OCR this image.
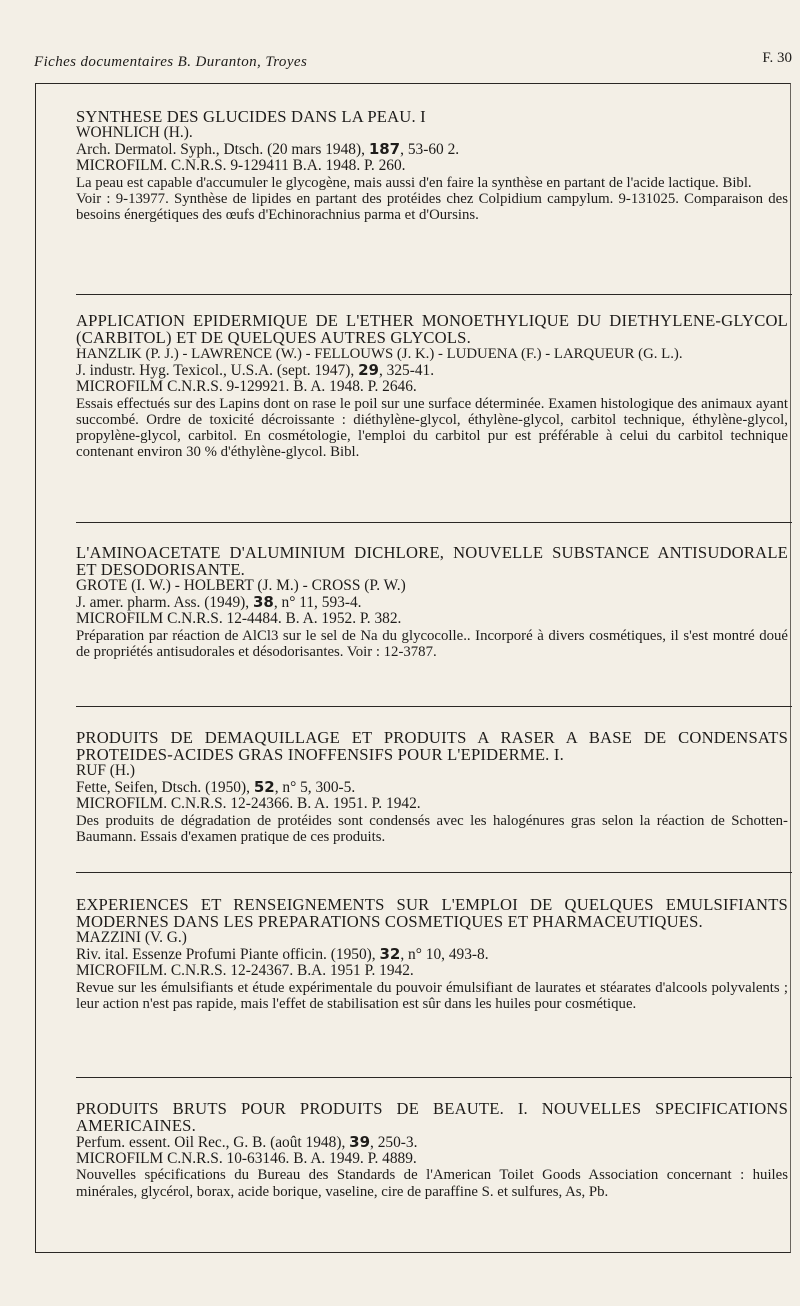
Fiches documentaires B. Duranton, Troyes	F. 30
SYNTHESE DES GLUCIDES DANS LA PEAU. I
WOHNLICH (H.).
Arch. Dermatol. Syph., Dtsch. (20 mars 1948), 187, 53-60 2.
MICROFILM. C.N.R.S. 9-129411 B.A. 1948. P. 260.
La peau est capable d'accumuler le glycogène, mais aussi d'en faire la synthèse en partant de l'acide lactique. Bibl.
Voir : 9-13977. Synthèse de lipides en partant des protéides chez Colpidium campylum. 9-131025. Comparaison des besoins énergétiques des œufs d'Echinorachnius parma et d'Oursins.
APPLICATION EPIDERMIQUE DE L'ETHER MONOETHYLIQUE DU DIETHYLENE-GLYCOL (CARBITOL) ET DE QUELQUES AUTRES GLYCOLS.
HANZLIK (P. J.) - LAWRENCE (W.) - FELLOUWS (J. K.) - LUDUENA (F.) - LARQUEUR (G. L.).
J. industr. Hyg. Texicol., U.S.A. (sept. 1947), 29, 325-41.
MICROFILM C.N.R.S. 9-129921. B. A. 1948. P. 2646.
Essais effectués sur des Lapins dont on rase le poil sur une surface déterminée. Examen histologique des animaux ayant succombé. Ordre de toxicité décroissante : diéthylène-glycol, éthylène-glycol, carbitol technique, éthylène-glycol, propylène-glycol, carbitol. En cosmétologie, l'emploi du carbitol pur est préférable à celui du carbitol technique contenant environ 30 % d'éthylène-glycol. Bibl.
L'AMINOACETATE D'ALUMINIUM DICHLORE, NOUVELLE SUBSTANCE ANTISUDORALE ET DESODORISANTE.
GROTE (I. W.) - HOLBERT (J. M.) - CROSS (P. W.)
J. amer. pharm. Ass. (1949), 38, n° 11, 593-4.
MICROFILM C.N.R.S. 12-4484. B. A. 1952. P. 382.
Préparation par réaction de AlCl3 sur le sel de Na du glycocolle.. Incorporé à divers cosmétiques, il s'est montré doué de propriétés antisudorales et désodorisantes. Voir : 12-3787.
PRODUITS DE DEMAQUILLAGE ET PRODUITS A RASER A BASE DE CONDENSATS PROTEIDES-ACIDES GRAS INOFFENSIFS POUR L'EPIDERME. I.
RUF (H.)
Fette, Seifen, Dtsch. (1950), 52, n° 5, 300-5.
MICROFILM. C.N.R.S. 12-24366. B. A. 1951. P. 1942.
Des produits de dégradation de protéides sont condensés avec les halogénures gras selon la réaction de Schotten-Baumann. Essais d'examen pratique de ces produits.
EXPERIENCES ET RENSEIGNEMENTS SUR L'EMPLOI DE QUELQUES EMULSIFIANTS MODERNES DANS LES PREPARATIONS COSMETIQUES ET PHARMACEUTIQUES.
MAZZINI (V. G.)
Riv. ital. Essenze Profumi Piante officin. (1950), 32, n° 10, 493-8.
MICROFILM. C.N.R.S. 12-24367. B.A. 1951 P. 1942.
Revue sur les émulsifiants et étude expérimentale du pouvoir émulsifiant de laurates et stéarates d'alcools polyvalents ; leur action n'est pas rapide, mais l'effet de stabilisation est sûr dans les huiles pour cosmétique.
PRODUITS BRUTS POUR PRODUITS DE BEAUTE. I. NOUVELLES SPECIFICATIONS AMERICAINES.
Perfum. essent. Oil Rec., G. B. (août 1948), 39, 250-3.
MICROFILM C.N.R.S. 10-63146. B. A. 1949. P. 4889.
Nouvelles spécifications du Bureau des Standards de l'American Toilet Goods Association concernant : huiles minérales, glycérol, borax, acide borique, vaseline, cire de paraffine S. et sulfures, As, Pb.
